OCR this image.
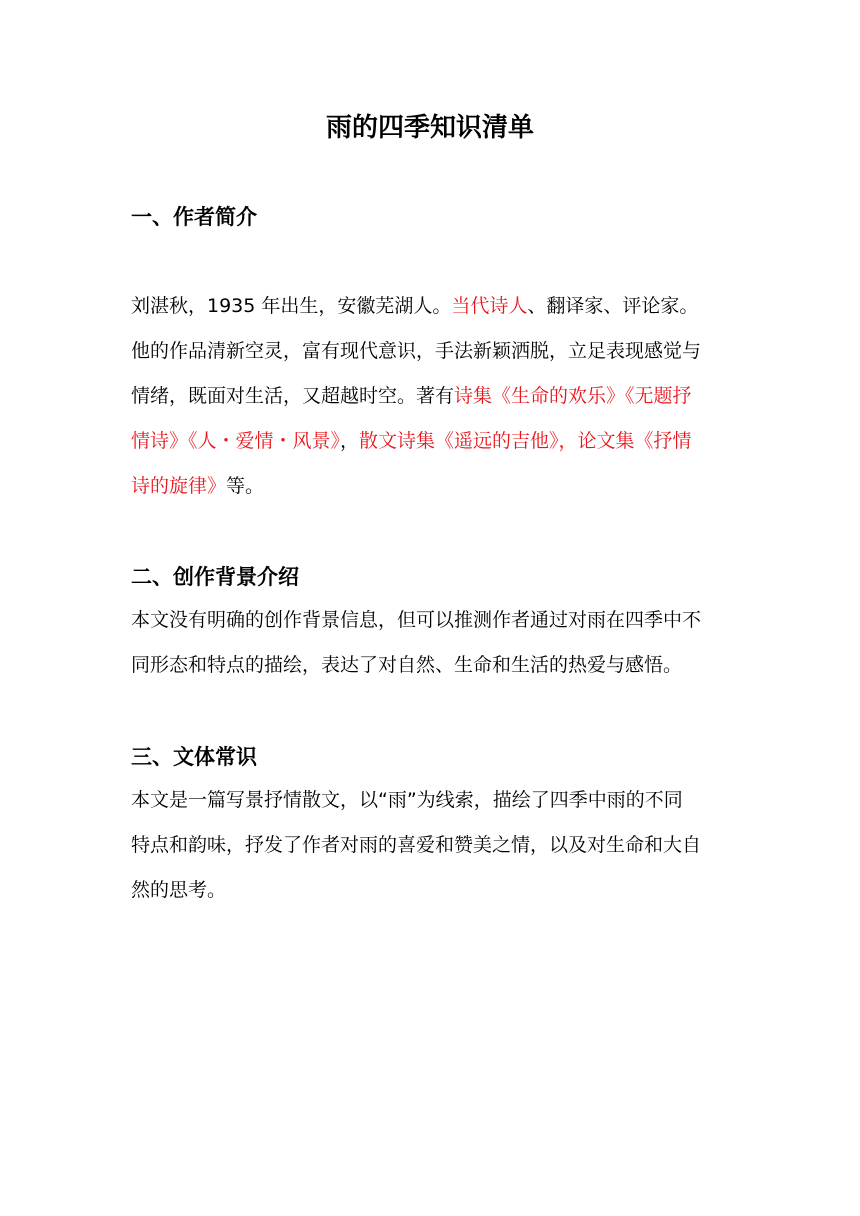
雨的四季知识清单
一、作者简介

刘湛秋，1935 年出生，安徽芜湖人。当代诗人、翻译家、评论家。
他的作品清新空灵，富有现代意识，手法新颖洒脱，立足表现感觉与
情绪，既面对生活，又超越时空。著有诗集《生命的欢乐》《无题抒
情诗》《人・爱情・风景》，散文诗集《遥远的吉他》，论文集《抒情
诗的旋律》等。

二、创作背景介绍

本文没有明确的创作背景信息，但可以推测作者通过对雨在四季中不
同形态和特点的描绘，表达了对自然、生命和生活的热爱与感悟。

三、文体常识

本文是一篇写景抒情散文，以“雨”为线索，描绘了四季中雨的不同
特点和韵味，抒发了作者对雨的喜爱和赞美之情，以及对生命和大自
然的思考。
